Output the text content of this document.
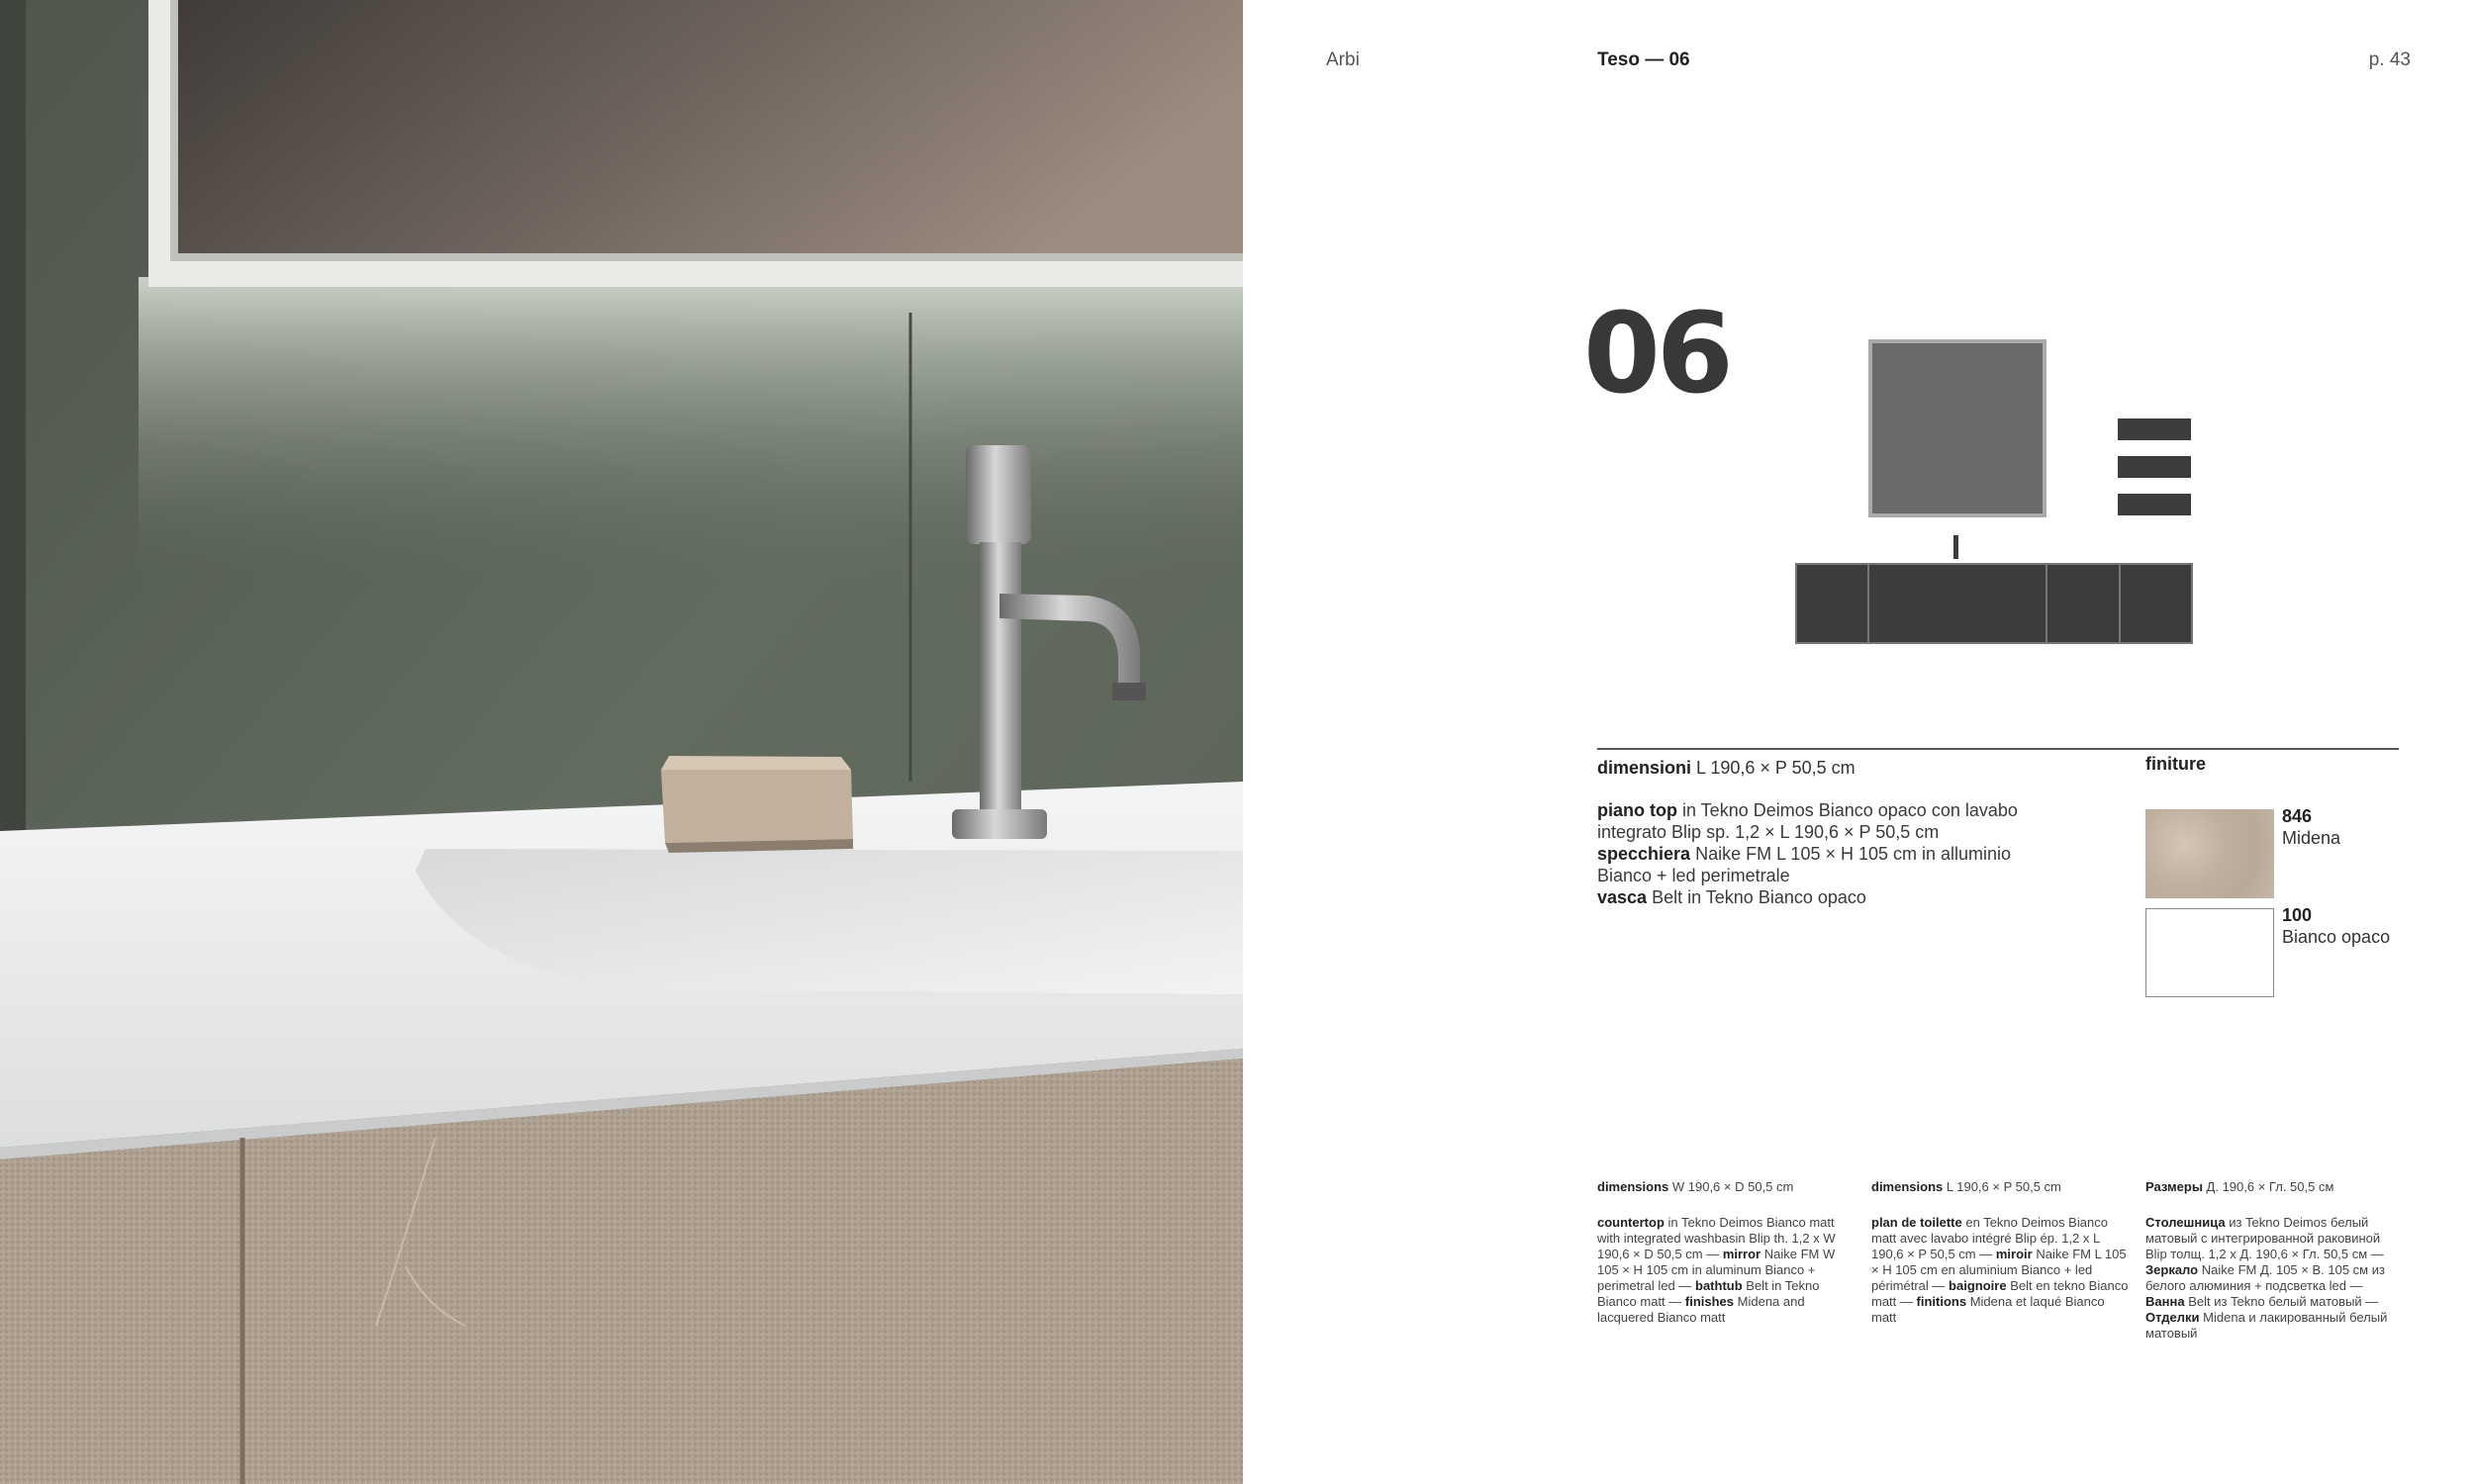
Arbi	Teso — 06	p. 43
06
dimensioni L 190,6 × P 50,5 cm

piano top in Tekno Deimos Bianco opaco con lavabo integrato Blip sp. 1,2 × L 190,6 × P 50,5 cm

specchiera Naike FM L 105 × H 105 cm in alluminio Bianco + led perimetrale

vasca Belt in Tekno Bianco opaco

finiture
846
Midena
100
Bianco opaco

dimensions W 190,6 × D 50,5 cm

countertop in Tekno Deimos Bianco matt with integrated washbasin Blip th. 1,2 x W 190,6 × D 50,5 cm — mirror Naike FM W 105 × H 105 cm in aluminum Bianco + perimetral led — bathtub Belt in Tekno Bianco matt — finishes Midena and lacquered Bianco matt

dimensions L 190,6 × P 50,5 cm

plan de toilette en Tekno Deimos Bianco matt avec lavabo intégré Blip ép. 1,2 x L 190,6 × P 50,5 cm — miroir Naike FM L 105 × H 105 cm en aluminium Bianco + led périmétral — baignoire Belt en tekno Bianco matt — finitions Midena et laqué Bianco matt

Размеры Д. 190,6 × Гл. 50,5 см

Столешница из Tekno Deimos белый матовый с интегрированной раковиной Blip толщ. 1,2 x Д. 190,6 × Гл. 50,5 см — Зеркало Naike FM Д. 105 × В. 105 см из белого алюминия + подсветка led — Ванна Belt из Tekno белый матовый — Отделки Midena и лакированный белый матовый
